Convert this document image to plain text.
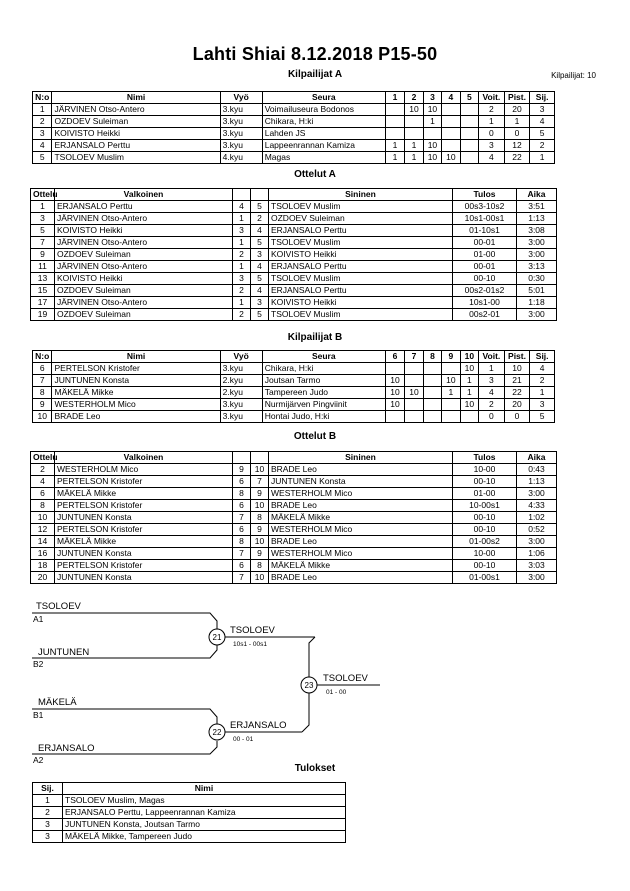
Lahti Shiai 8.12.2018 P15-50
Kilpailijat: 10
Kilpailijat A
N:o	Nimi	Vyö	Seura	1	2	3	4	5	Voit.	Pist.	Sij.
1	JÄRVINEN Otso-Antero	3.kyu	Voimailuseura Bodonos		10	10			2	20	3
2	OZDOEV Suleiman	3.kyu	Chikara, H:ki			1			1	1	4
3	KOIVISTO Heikki	3.kyu	Lahden JS						0	0	5
4	ERJANSALO Perttu	3.kyu	Lappeenrannan Kamiza	1	1	10			3	12	2
5	TSOLOEV Muslim	4.kyu	Magas	1	1	10	10		4	22	1
Ottelut A
Ottelu	Valkoinen			Sininen	Tulos	Aika
1	ERJANSALO Perttu	4	5	TSOLOEV Muslim	00s3-10s2	3:51
3	JÄRVINEN Otso-Antero	1	2	OZDOEV Suleiman	10s1-00s1	1:13
5	KOIVISTO Heikki	3	4	ERJANSALO Perttu	01-10s1	3:08
7	JÄRVINEN Otso-Antero	1	5	TSOLOEV Muslim	00-01	3:00
9	OZDOEV Suleiman	2	3	KOIVISTO Heikki	01-00	3:00
11	JÄRVINEN Otso-Antero	1	4	ERJANSALO Perttu	00-01	3:13
13	KOIVISTO Heikki	3	5	TSOLOEV Muslim	00-10	0:30
15	OZDOEV Suleiman	2	4	ERJANSALO Perttu	00s2-01s2	5:01
17	JÄRVINEN Otso-Antero	1	3	KOIVISTO Heikki	10s1-00	1:18
19	OZDOEV Suleiman	2	5	TSOLOEV Muslim	00s2-01	3:00
Kilpailijat B
N:o	Nimi	Vyö	Seura	6	7	8	9	10	Voit.	Pist.	Sij.
6	PERTELSON Kristofer	3.kyu	Chikara, H:ki					10	1	10	4
7	JUNTUNEN Konsta	2.kyu	Joutsan Tarmo	10			10	1	3	21	2
8	MÄKELÄ Mikke	2.kyu	Tampereen Judo	10	10		1	1	4	22	1
9	WESTERHOLM Mico	3.kyu	Nurmijärven Pingviinit	10				10	2	20	3
10	BRADE Leo	3.kyu	Hontai Judo, H:ki						0	0	5
Ottelut B
Ottelu	Valkoinen			Sininen	Tulos	Aika
2	WESTERHOLM Mico	9	10	BRADE Leo	10-00	0:43
4	PERTELSON Kristofer	6	7	JUNTUNEN Konsta	00-10	1:13
6	MÄKELÄ Mikke	8	9	WESTERHOLM Mico	01-00	3:00
8	PERTELSON Kristofer	6	10	BRADE Leo	10-00s1	4:33
10	JUNTUNEN Konsta	7	8	MÄKELÄ Mikke	00-10	1:02
12	PERTELSON Kristofer	6	9	WESTERHOLM Mico	00-10	0:52
14	MÄKELÄ Mikke	8	10	BRADE Leo	01-00s2	3:00
16	JUNTUNEN Konsta	7	9	WESTERHOLM Mico	10-00	1:06
18	PERTELSON Kristofer	6	8	MÄKELÄ Mikke	00-10	3:03
20	JUNTUNEN Konsta	7	10	BRADE Leo	01-00s1	3:00
21
22
23
TSOLOEV
A1
JUNTUNEN
B2
TSOLOEV
10s1 - 00s1
MÄKELÄ
B1
ERJANSALO
A2
ERJANSALO
00 - 01
TSOLOEV
01 - 00
Tulokset
Sij.	Nimi
1	TSOLOEV Muslim, Magas
2	ERJANSALO Perttu, Lappeenrannan Kamiza
3	JUNTUNEN Konsta, Joutsan Tarmo
3	MÄKELÄ Mikke, Tampereen Judo
